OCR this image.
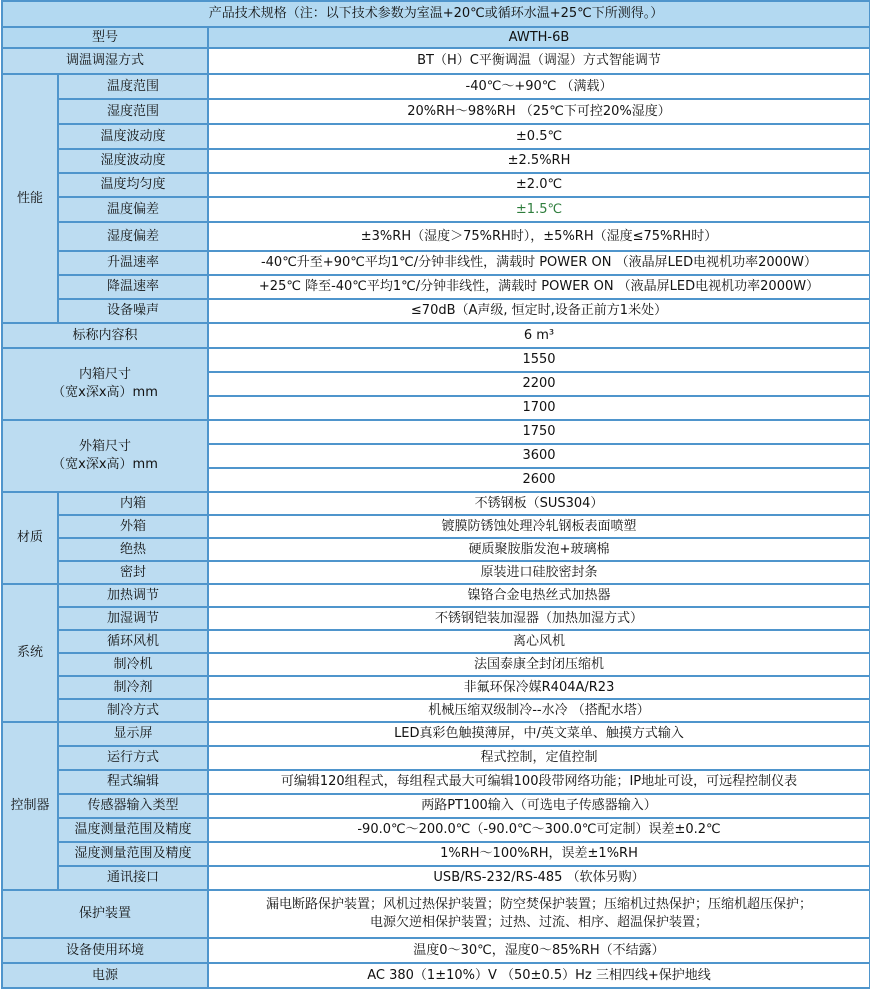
产品技术规格（注：以下技术参数为室温+20℃或循环水温+25℃下所测得。）		
型号		AWTH-6B
调温调湿方式		BT（H）C平衡调温（调湿）方式智能调节
性能	温度范围	-40℃～+90℃ （满载）
	湿度范围	20%RH～98%RH （25℃下可控20%湿度）
	温度波动度	±0.5℃
	湿度波动度	±2.5%RH
	温度均匀度	±2.0℃
	温度偏差	±1.5℃
	湿度偏差	±3%RH（湿度＞75%RH时），±5%RH（湿度≤75%RH时）
	升温速率	-40℃升至+90℃平均1℃/分钟非线性，满载时 POWER ON （液晶屏LED电视机功率2000W）
	降温速率	+25℃ 降至-40℃平均1℃/分钟非线性，满载时 POWER ON （液晶屏LED电视机功率2000W）
	设备噪声	≤70dB（A声级, 恒定时,设备正前方1米处）
标称内容积		6 m³

内箱尺寸
（宽x深x高）mm		1550
		2200
		1700

外箱尺寸
（宽x深x高）mm		1750
		3600
		2600
材质	内箱	不锈钢板（SUS304）
	外箱	镀膜防锈蚀处理冷轧钢板表面喷塑
	绝热	硬质聚胺脂发泡+玻璃棉
	密封	原装进口硅胶密封条
系统	加热调节	镍铬合金电热丝式加热器
	加湿调节	不锈钢铠装加湿器（加热加湿方式）
	循环风机	离心风机
	制冷机	法国泰康全封闭压缩机
	制冷剂	非氟环保冷媒R404A/R23
	制冷方式	机械压缩双级制冷--水冷 （搭配水塔）
控制器	显示屏	LED真彩色触摸薄屏，中/英文菜单、触摸方式输入
	运行方式	程式控制，定值控制
	程式编辑	可编辑120组程式，每组程式最大可编辑100段带网络功能；IP地址可设，可远程控制仪表
	传感器输入类型	两路PT100输入（可选电子传感器输入）
	温度测量范围及精度	-90.0℃～200.0℃（-90.0℃～300.0℃可定制）误差±0.2℃
	湿度测量范围及精度	1%RH～100%RH，误差±1%RH
	通讯接口	USB/RS-232/RS-485 （软体另购）
保护装置		漏电断路保护装置；风机过热保护装置；防空焚保护装置；压缩机过热保护；压缩机超压保护；
电源欠逆相保护装置；过热、过流、相序、超温保护装置；

设备使用环境		温度0～30℃，湿度0～85%RH（不结露）
电源		AC 380（1±10%）V （50±0.5）Hz 三相四线+保护地线
